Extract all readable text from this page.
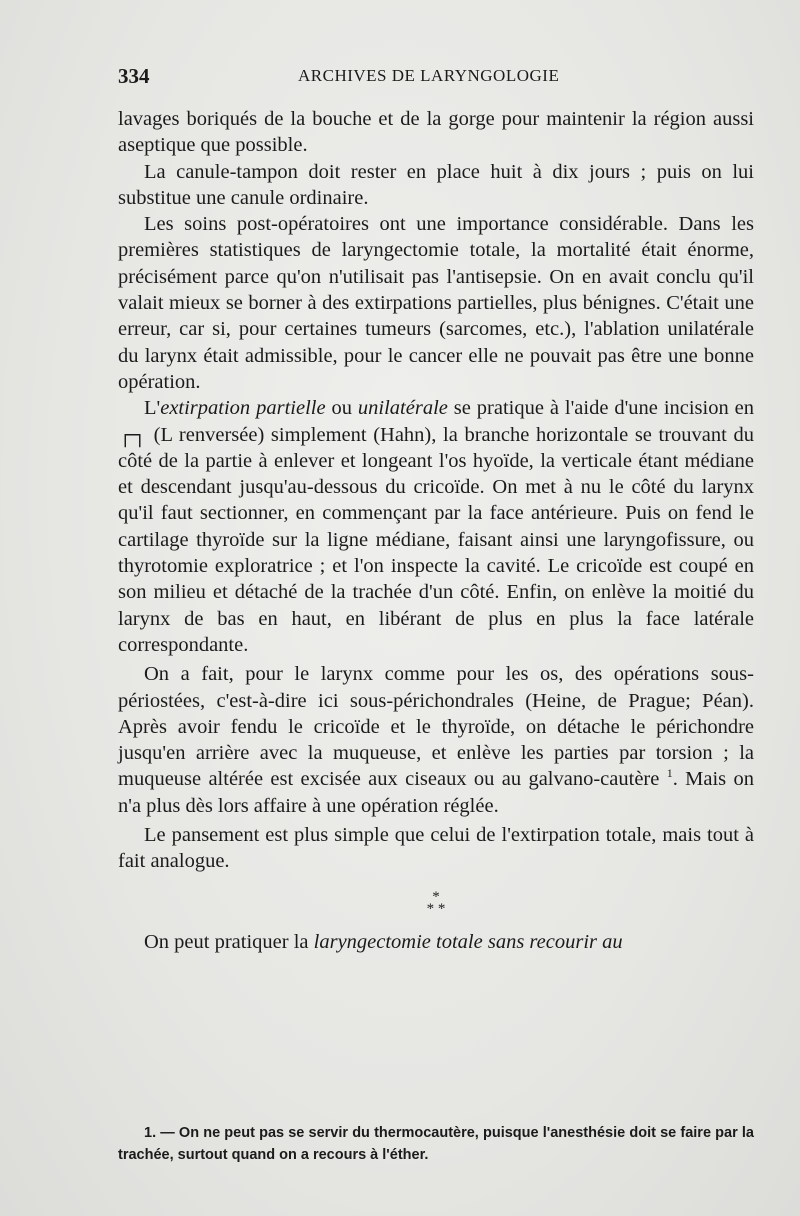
334	ARCHIVES DE LARYNGOLOGIE

lavages boriqués de la bouche et de la gorge pour maintenir la région aussi aseptique que possible.

La canule-tampon doit rester en place huit à dix jours ; puis on lui substitue une canule ordinaire.

Les soins post-opératoires ont une importance considérable. Dans les premières statistiques de laryngectomie totale, la mortalité était énorme, précisément parce qu'on n'utilisait pas l'antisepsie. On en avait conclu qu'il valait mieux se borner à des extirpations partielles, plus bénignes. C'était une erreur, car si, pour certaines tumeurs (sarcomes, etc.), l'ablation unilatérale du larynx était admissible, pour le cancer elle ne pouvait pas être une bonne opération.

L'extirpation partielle ou unilatérale se pratique à l'aide d'une incision en ┌┐ (L renversée) simplement (Hahn), la branche horizontale se trouvant du côté de la partie à enlever et longeant l'os hyoïde, la verticale étant médiane et descendant jusqu'au-dessous du cricoïde. On met à nu le côté du larynx qu'il faut sectionner, en commençant par la face antérieure. Puis on fend le cartilage thyroïde sur la ligne médiane, faisant ainsi une laryngofissure, ou thyrotomie exploratrice ; et l'on inspecte la cavité. Le cricoïde est coupé en son milieu et détaché de la trachée d'un côté. Enfin, on enlève la moitié du larynx de bas en haut, en libérant de plus en plus la face latérale correspondante.

On a fait, pour le larynx comme pour les os, des opérations sous-périostées, c'est-à-dire ici sous-périchondrales (Heine, de Prague; Péan). Après avoir fendu le cricoïde et le thyroïde, on détache le périchondre jusqu'en arrière avec la muqueuse, et enlève les parties par torsion ; la muqueuse altérée est excisée aux ciseaux ou au galvano-cautère $^1$. Mais on n'a plus dès lors affaire à une opération réglée.

Le pansement est plus simple que celui de l'extirpation totale, mais tout à fait analogue.

*
* *

On peut pratiquer la laryngectomie totale sans recourir au

1. — On ne peut pas se servir du thermocautère, puisque l'anesthésie doit se faire par la trachée, surtout quand on a recours à l'éther.
